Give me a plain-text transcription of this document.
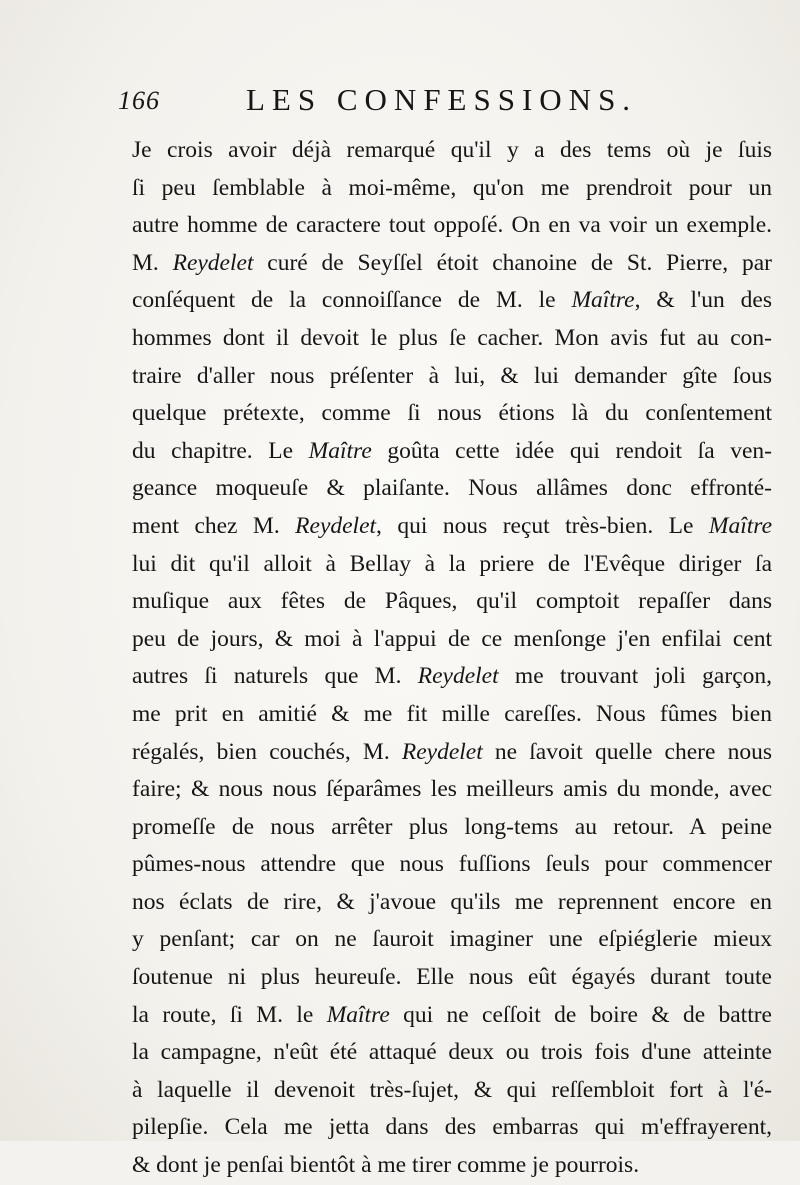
166	LES CONFESSIONS.
Je crois avoir déjà remarqué qu'il y a des tems où je ſuis
ſi peu ſemblable à moi-même, qu'on me prendroit pour un
autre homme de caractere tout oppoſé. On en va voir un exemple.
M. Reydelet curé de Seyſſel étoit chanoine de St. Pierre, par
conſéquent de la connoiſſance de M. le Maître, & l'un des
hommes dont il devoit le plus ſe cacher. Mon avis fut au con-
traire d'aller nous préſenter à lui, & lui demander gîte ſous
quelque prétexte, comme ſi nous étions là du conſentement
du chapitre. Le Maître goûta cette idée qui rendoit ſa ven-
geance moqueuſe & plaiſante. Nous allâmes donc effronté-
ment chez M. Reydelet, qui nous reçut très-bien. Le Maître
lui dit qu'il alloit à Bellay à la priere de l'Evêque diriger ſa
muſique aux fêtes de Pâques, qu'il comptoit repaſſer dans
peu de jours, & moi à l'appui de ce menſonge j'en enfilai cent
autres ſi naturels que M. Reydelet me trouvant joli garçon,
me prit en amitié & me fit mille careſſes. Nous fûmes bien
régalés, bien couchés, M. Reydelet ne ſavoit quelle chere nous
faire; & nous nous ſéparâmes les meilleurs amis du monde, avec
promeſſe de nous arrêter plus long-tems au retour. A peine
pûmes-nous attendre que nous fuſſions ſeuls pour commencer
nos éclats de rire, & j'avoue qu'ils me reprennent encore en
y penſant; car on ne ſauroit imaginer une eſpiéglerie mieux
ſoutenue ni plus heureuſe. Elle nous eût égayés durant toute
la route, ſi M. le Maître qui ne ceſſoit de boire & de battre
la campagne, n'eût été attaqué deux ou trois fois d'une atteinte
à laquelle il devenoit très-ſujet, & qui reſſembloit fort à l'é-
pilepſie. Cela me jetta dans des embarras qui m'effrayerent,
& dont je penſai bientôt à me tirer comme je pourrois.
